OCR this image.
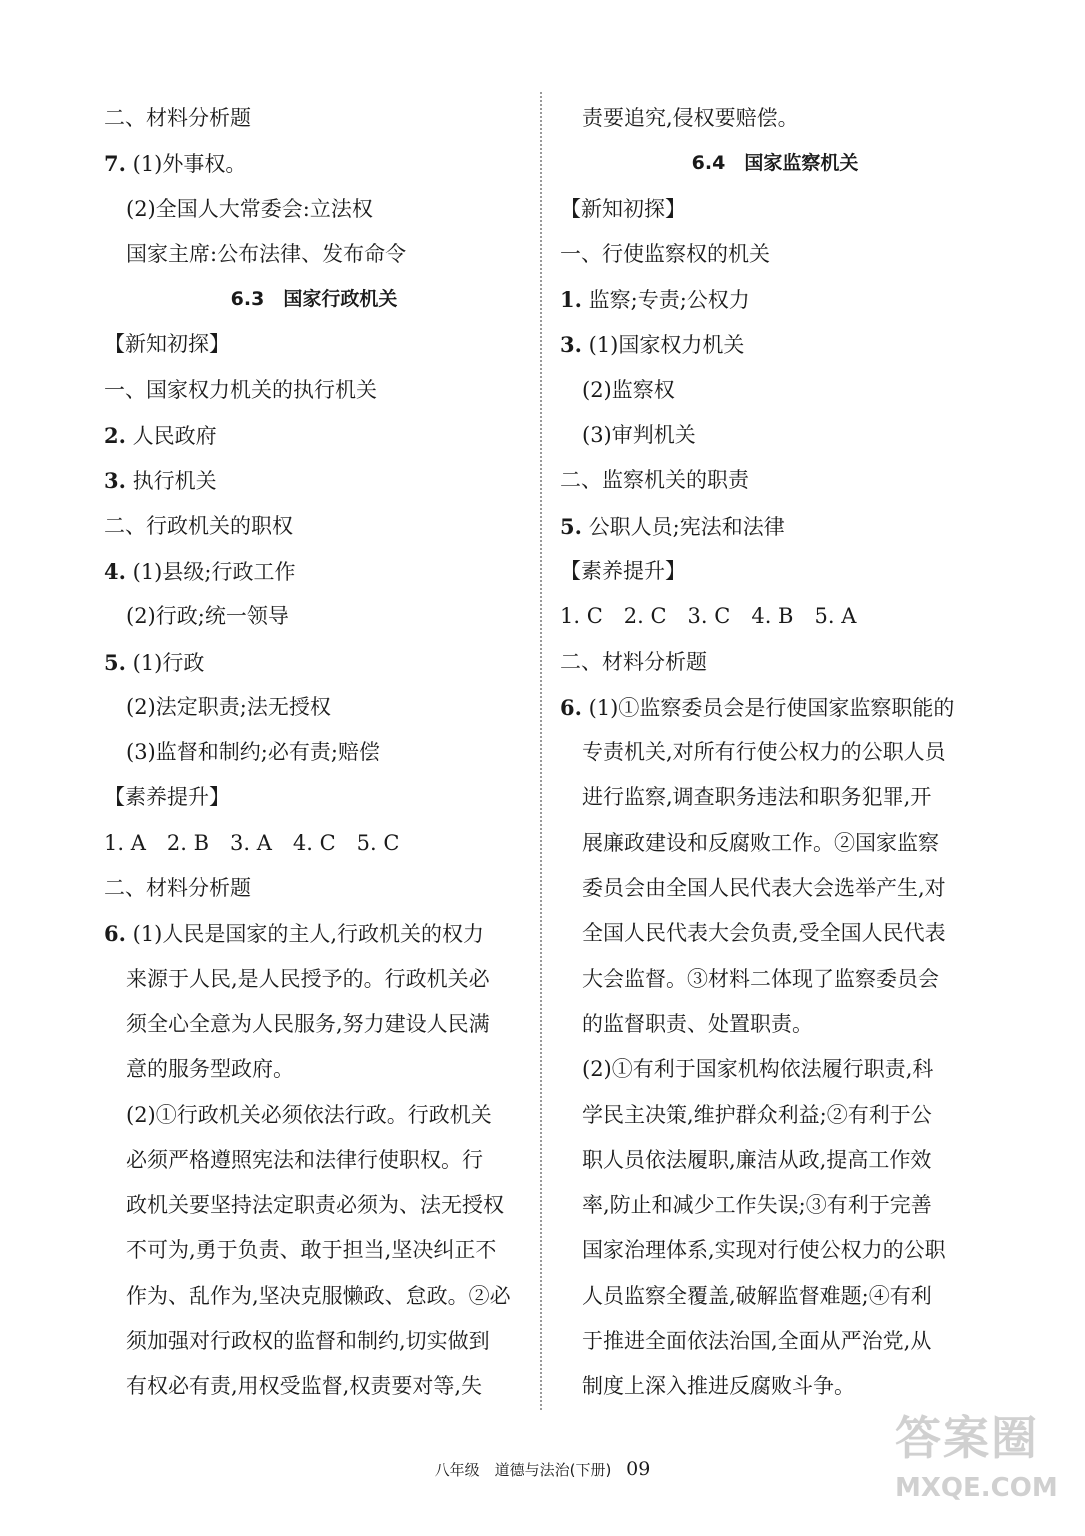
二、材料分析题
7. (1)外事权。
(2)全国人大常委会:立法权
国家主席:公布法律、发布命令
6.3　国家行政机关
【新知初探】
一、国家权力机关的执行机关
2. 人民政府
3. 执行机关
二、行政机关的职权
4. (1)县级;行政工作
(2)行政;统一领导
5. (1)行政
(2)法定职责;法无授权
(3)监督和制约;必有责;赔偿
【素养提升】
1. A　2. B　3. A　4. C　5. C
二、材料分析题
6. (1)人民是国家的主人,行政机关的权力
来源于人民,是人民授予的。行政机关必
须全心全意为人民服务,努力建设人民满
意的服务型政府。
(2)①行政机关必须依法行政。行政机关
必须严格遵照宪法和法律行使职权。行
政机关要坚持法定职责必须为、法无授权
不可为,勇于负责、敢于担当,坚决纠正不
作为、乱作为,坚决克服懒政、怠政。②必
须加强对行政权的监督和制约,切实做到
有权必有责,用权受监督,权责要对等,失
责要追究,侵权要赔偿。
6.4　国家监察机关
【新知初探】
一、行使监察权的机关
1. 监察;专责;公权力
3. (1)国家权力机关
(2)监察权
(3)审判机关
二、监察机关的职责
5. 公职人员;宪法和法律
【素养提升】
1. C　2. C　3. C　4. B　5. A
二、材料分析题
6. (1)①监察委员会是行使国家监察职能的
专责机关,对所有行使公权力的公职人员
进行监察,调查职务违法和职务犯罪,开
展廉政建设和反腐败工作。②国家监察
委员会由全国人民代表大会选举产生,对
全国人民代表大会负责,受全国人民代表
大会监督。③材料二体现了监察委员会
的监督职责、处置职责。
(2)①有利于国家机构依法履行职责,科
学民主决策,维护群众利益;②有利于公
职人员依法履职,廉洁从政,提高工作效
率,防止和减少工作失误;③有利于完善
国家治理体系,实现对行使公权力的公职
人员监察全覆盖,破解监督难题;④有利
于推进全面依法治国,全面从严治党,从
制度上深入推进反腐败斗争。
八年级　道德与法治(下册) 09
答案圈
MXQE.COM
